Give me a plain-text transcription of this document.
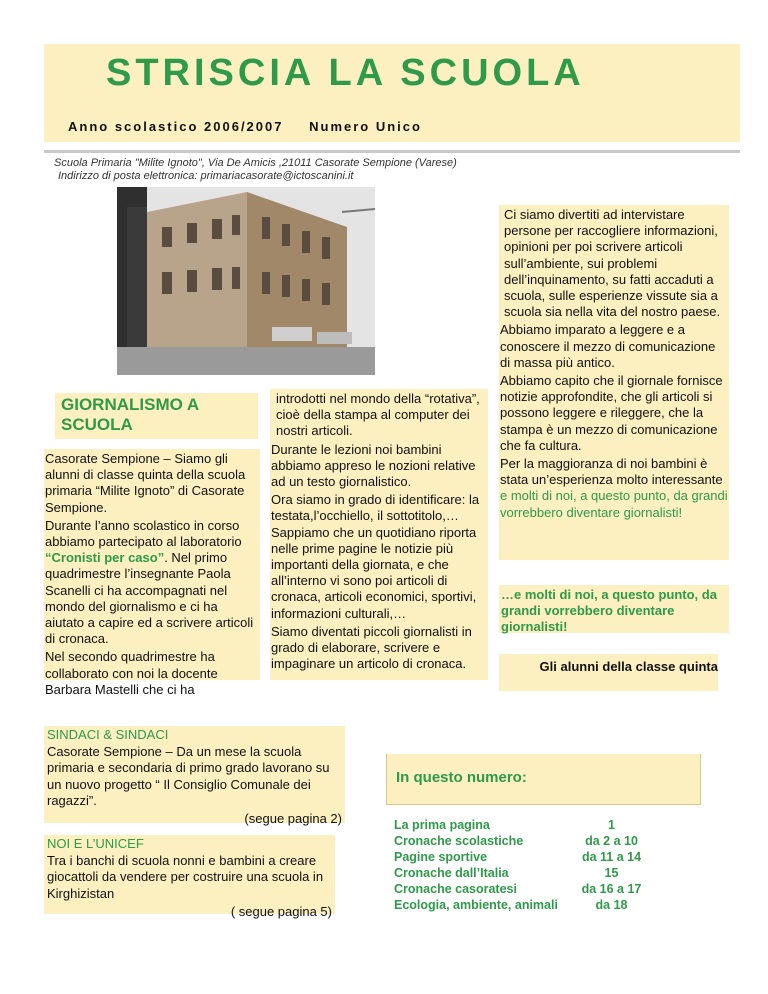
STRISCIA LA SCUOLA
Anno scolastico 2006/2007 Numero Unico
Scuola Primaria "Milite Ignoto", Via De Amicis ,21011 Casorate Sempione (Varese)
Indirizzo di posta elettronica: primariacasorate@ictoscanini.it
GIORNALISMO A SCUOLA

Casorate Sempione – Siamo gli alunni di classe quinta della scuola primaria “Milite Ignoto” di Casorate Sempione.

Durante l’anno scolastico in corso abbiamo partecipato al laboratorio “Cronisti per caso”. Nel primo quadrimestre l’insegnante Paola Scanelli ci ha accompagnati nel mondo del giornalismo e ci ha aiutato a capire ed a scrivere articoli di cronaca.

Nel secondo quadrimestre ha collaborato con noi la docente Barbara Mastelli che ci ha

introdotti nel mondo della “rotativa”, cioè della stampa al computer dei nostri articoli.

Durante le lezioni noi bambini abbiamo appreso le nozioni relative ad un testo giornalistico.

Ora siamo in grado di identificare: la testata,l’occhiello, il sottotitolo,… Sappiamo che un quotidiano riporta nelle prime pagine le notizie più importanti della giornata, e che all’interno vi sono poi articoli di cronaca, articoli economici, sportivi, informazioni culturali,…

Siamo diventati piccoli giornalisti in grado di elaborare, scrivere e impaginare un articolo di cronaca.

Ci siamo divertiti ad intervistare persone per raccogliere informazioni, opinioni per poi scrivere articoli sull’ambiente, sui problemi dell’inquinamento, su fatti accaduti a scuola, sulle esperienze vissute sia a scuola sia nella vita del nostro paese.

Abbiamo imparato a leggere e a conoscere il mezzo di comunicazione di massa più antico.

Abbiamo capito che il giornale fornisce notizie approfondite, che gli articoli si possono leggere e rileggere, che la stampa è un mezzo di comunicazione che fa cultura.

Per la maggioranza di noi bambini è stata un’esperienza molto interessante e molti di noi, a questo punto, da grandi vorrebbero diventare giornalisti!

…e molti di noi, a questo punto, da grandi vorrebbero diventare giornalisti!

Gli alunni della classe quinta

SINDACI & SINDACI

Casorate Sempione – Da un mese la scuola primaria e secondaria di primo grado lavorano su un nuovo progetto “ Il Consiglio Comunale dei ragazzi”.

(segue pagina 2)

NOI E L’UNICEF

Tra i banchi di scuola nonni e bambini a creare giocattoli da vendere per costruire una scuola in Kirghizistan

( segue pagina 5)

In questo numero:
La prima pagina	1
Cronache scolastiche	da 2 a 10
Pagine sportive	da 11 a 14
Cronache dall’Italia	15
Cronache casoratesi	da 16 a 17
Ecologia, ambiente, animali	da 18
